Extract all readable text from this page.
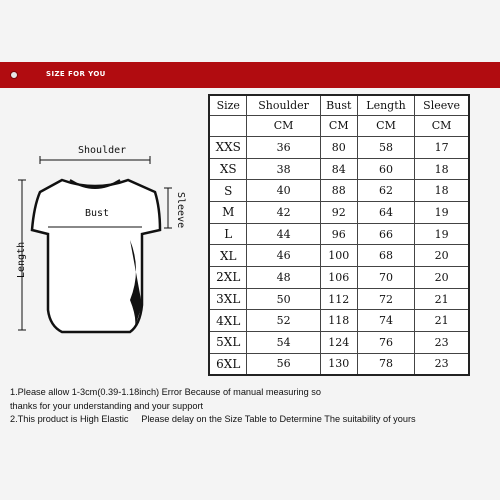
SIZE FOR YOU
Shoulder
Bust	Sleeve
Length
Size	Shoulder	Bust	Length	Sleeve
	CM	CM	CM	CM
XXS	36	80	58	17
XS	38	84	60	18
S	40	88	62	18
M	42	92	64	19
L	44	96	66	19
XL	46	100	68	20
2XL	48	106	70	20
3XL	50	112	72	21
4XL	52	118	74	21
5XL	54	124	76	23
6XL	56	130	78	23
1.Please allow 1-3cm(0.39-1.18inch) Error Because of manual measuring so
thanks for your understanding and your support
2.This product is High Elastic     Please delay on the Size Table to Determine The suitability of yours
